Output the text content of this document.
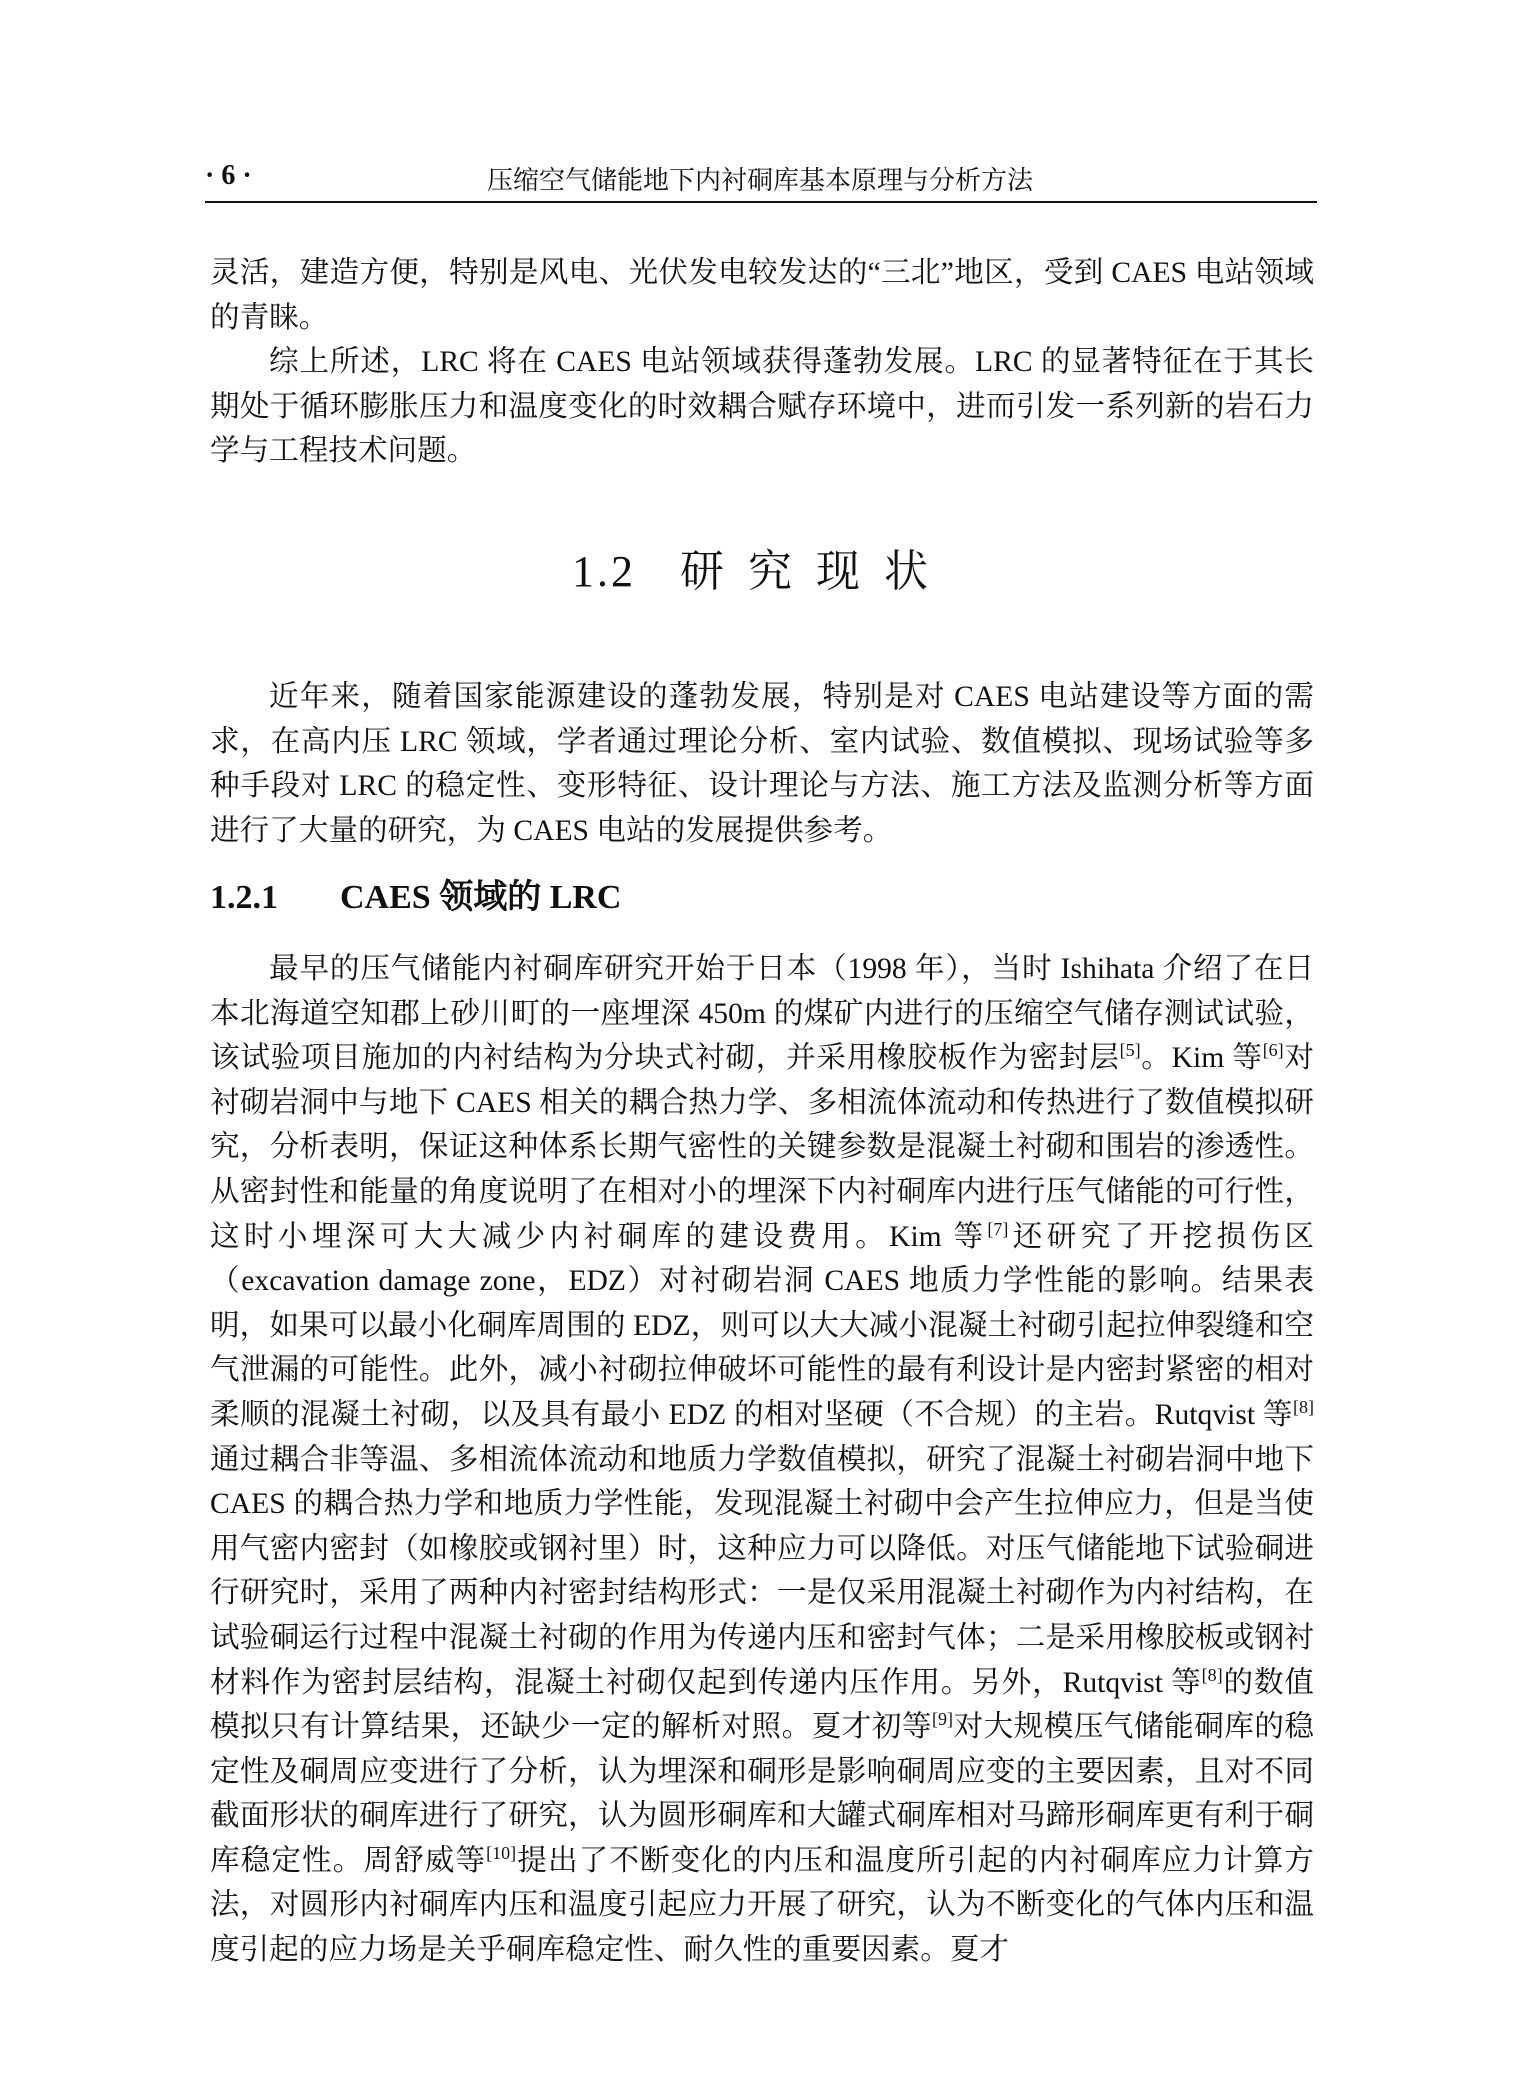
· 6 ·	压缩空气储能地下内衬硐库基本原理与分析方法

灵活，建造方便，特别是风电、光伏发电较发达的“三北”地区，受到 CAES 电站领域的青睐。

综上所述，LRC 将在 CAES 电站领域获得蓬勃发展。LRC 的显著特征在于其长期处于循环膨胀压力和温度变化的时效耦合赋存环境中，进而引发一系列新的岩石力学与工程技术问题。

1.2 研究现状

近年来，随着国家能源建设的蓬勃发展，特别是对 CAES 电站建设等方面的需求，在高内压 LRC 领域，学者通过理论分析、室内试验、数值模拟、现场试验等多种手段对 LRC 的稳定性、变形特征、设计理论与方法、施工方法及监测分析等方面进行了大量的研究，为 CAES 电站的发展提供参考。

1.2.1 CAES 领域的 LRC

最早的压气储能内衬硐库研究开始于日本（1998 年），当时 Ishihata 介绍了在日本北海道空知郡上砂川町的一座埋深 450m 的煤矿内进行的压缩空气储存测试试验，该试验项目施加的内衬结构为分块式衬砌，并采用橡胶板作为密封层[5]。Kim 等[6]对衬砌岩洞中与地下 CAES 相关的耦合热力学、多相流体流动和传热进行了数值模拟研究，分析表明，保证这种体系长期气密性的关键参数是混凝土衬砌和围岩的渗透性。从密封性和能量的角度说明了在相对小的埋深下内衬硐库内进行压气储能的可行性，这时小埋深可大大减少内衬硐库的建设费用。Kim 等[7]还研究了开挖损伤区（excavation damage zone，EDZ）对衬砌岩洞 CAES 地质力学性能的影响。结果表明，如果可以最小化硐库周围的 EDZ，则可以大大减小混凝土衬砌引起拉伸裂缝和空气泄漏的可能性。此外，减小衬砌拉伸破坏可能性的最有利设计是内密封紧密的相对柔顺的混凝土衬砌，以及具有最小 EDZ 的相对坚硬（不合规）的主岩。Rutqvist 等[8]通过耦合非等温、多相流体流动和地质力学数值模拟，研究了混凝土衬砌岩洞中地下 CAES 的耦合热力学和地质力学性能，发现混凝土衬砌中会产生拉伸应力，但是当使用气密内密封（如橡胶或钢衬里）时，这种应力可以降低。对压气储能地下试验硐进行研究时，采用了两种内衬密封结构形式：一是仅采用混凝土衬砌作为内衬结构，在试验硐运行过程中混凝土衬砌的作用为传递内压和密封气体；二是采用橡胶板或钢衬材料作为密封层结构，混凝土衬砌仅起到传递内压作用。另外，Rutqvist 等[8]的数值模拟只有计算结果，还缺少一定的解析对照。夏才初等[9]对大规模压气储能硐库的稳定性及硐周应变进行了分析，认为埋深和硐形是影响硐周应变的主要因素，且对不同截面形状的硐库进行了研究，认为圆形硐库和大罐式硐库相对马蹄形硐库更有利于硐库稳定性。周舒威等[10]提出了不断变化的内压和温度所引起的内衬硐库应力计算方法，对圆形内衬硐库内压和温度引起应力开展了研究，认为不断变化的气体内压和温度引起的应力场是关乎硐库稳定性、耐久性的重要因素。夏才
